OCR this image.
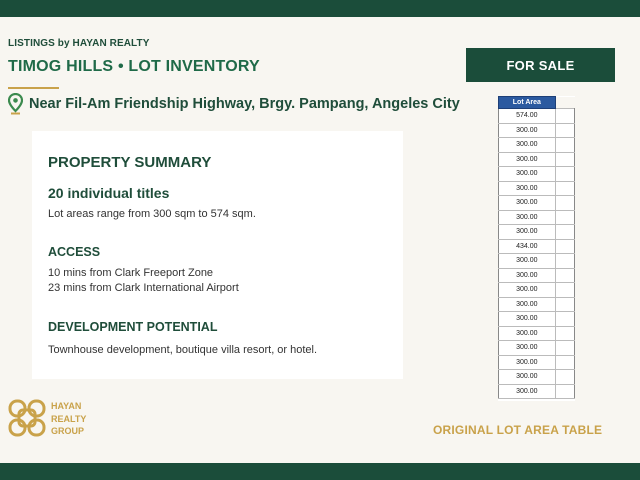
LISTINGS by HAYAN REALTY
TIMOG HILLS • LOT INVENTORY
Near Fil-Am Friendship Highway, Brgy. Pampang, Angeles City
FOR SALE
PROPERTY SUMMARY
20 individual titles
Lot areas range from 300 sqm to 574 sqm.
ACCESS
10 mins from Clark Freeport Zone
23 mins from Clark International Airport
DEVELOPMENT POTENTIAL
Townhouse development, boutique villa resort, or hotel.
HAYAN
REALTY
GROUP
Lot Area	
574.00	
300.00	
300.00	
300.00	
300.00	
300.00	
300.00	
300.00	
300.00	
434.00	
300.00	
300.00	
300.00	
300.00	
300.00	
300.00	
300.00	
300.00	
300.00	
300.00	
ORIGINAL LOT AREA TABLE
